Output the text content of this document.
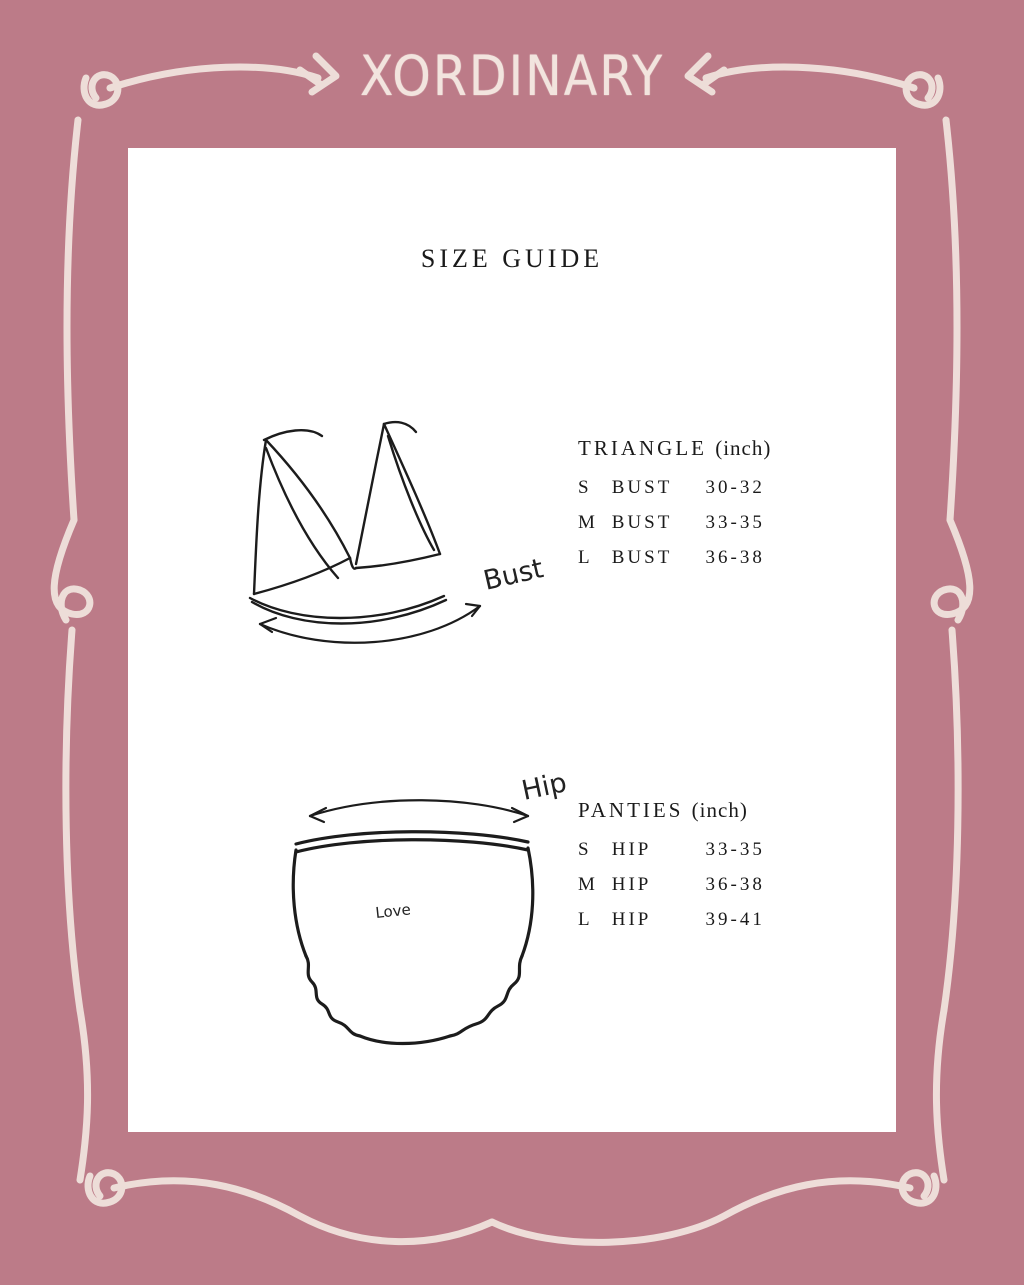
XORDINARY
SIZE GUIDE
Bust
Hip
Love
TRIANGLE (inch)
S BUST 30-32
M BUST 33-35
L BUST 36-38
PANTIES (inch)
S HIP	33-35
M HIP	36-38
L HIP	39-41
